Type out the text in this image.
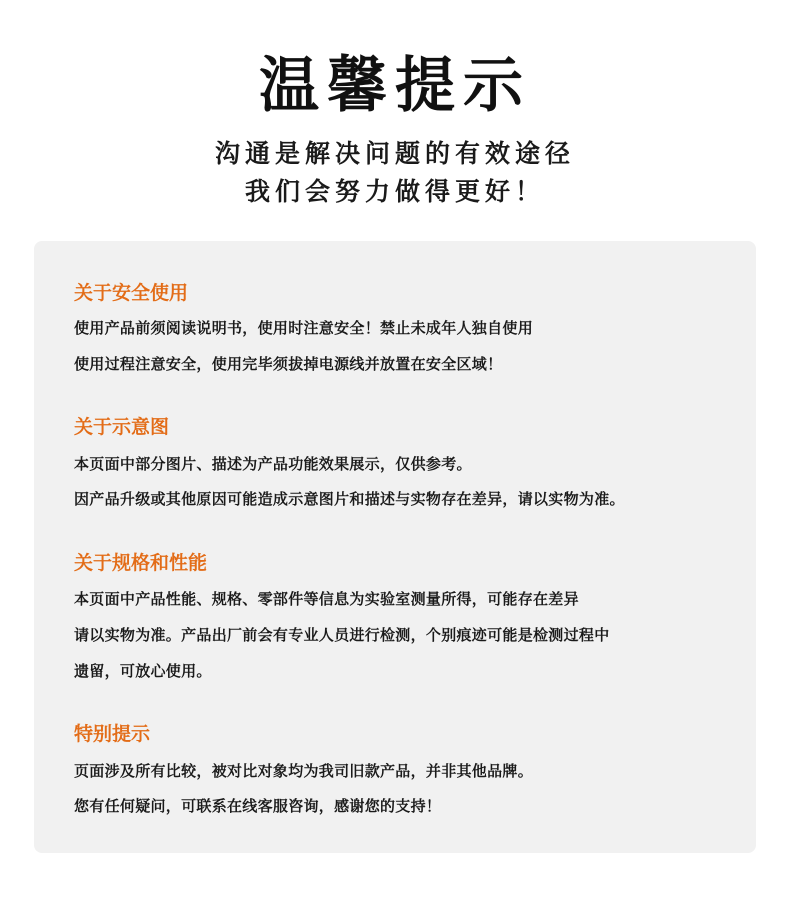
温馨提示
沟通是解决问题的有效途径
我们会努力做得更好！
关于安全使用
使用产品前须阅读说明书，使用时注意安全！禁止未成年人独自使用
使用过程注意安全，使用完毕须拔掉电源线并放置在安全区域！
关于示意图
本页面中部分图片、描述为产品功能效果展示，仅供参考。
因产品升级或其他原因可能造成示意图片和描述与实物存在差异，请以实物为准。
关于规格和性能
本页面中产品性能、规格、零部件等信息为实验室测量所得，可能存在差异
请以实物为准。产品出厂前会有专业人员进行检测，个别痕迹可能是检测过程中
遗留，可放心使用。
特别提示
页面涉及所有比较，被对比对象均为我司旧款产品，并非其他品牌。
您有任何疑问，可联系在线客服咨询，感谢您的支持！
